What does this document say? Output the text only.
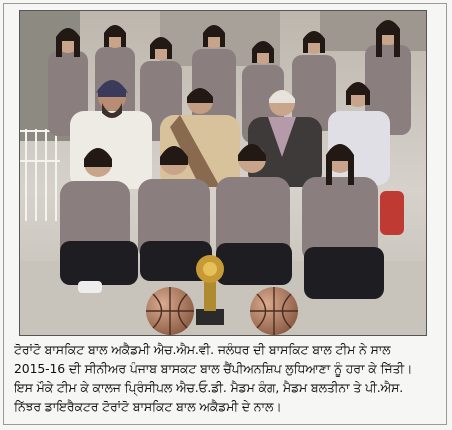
ਟੋਰਾਂਟੋ ਬਾਸਕਿਟ ਬਾਲ ਅਕੈਡਮੀ ਐਚ.ਐਮ.ਵੀ. ਜਲੰਧਰ ਦੀ ਬਾਸਕਿਟ ਬਾਲ ਟੀਮ ਨੇ ਸਾਲ
2015-16 ਦੀ ਸੀਨੀਅਰ ਪੰਜਾਬ ਬਾਸਕਟ ਬਾਲ ਚੈਂਪੀਅਨਸ਼ਿਪ ਲੁਧਿਆਣਾ ਨੂੰ ਹਰਾ ਕੇ ਜਿੱਤੀ।
ਇਸ ਮੌਕੇ ਟੀਮ ਕੇ ਕਾਲਜ ਪ੍ਰਿੰਸੀਪਲ ਐਚ.ਓ.ਡੀ. ਮੈਡਮ ਕੰਗ, ਮੈਡਮ ਬਲਤੀਨਾ ਤੇ ਪੀ.ਐਸ.
ਨਿੱਝਰ ਡਾਇਰੈਕਟਰ ਟੋਰਾਂਟੋ ਬਾਸਕਿਟ ਬਾਲ ਅਕੈਡਮੀ ਦੇ ਨਾਲ।
